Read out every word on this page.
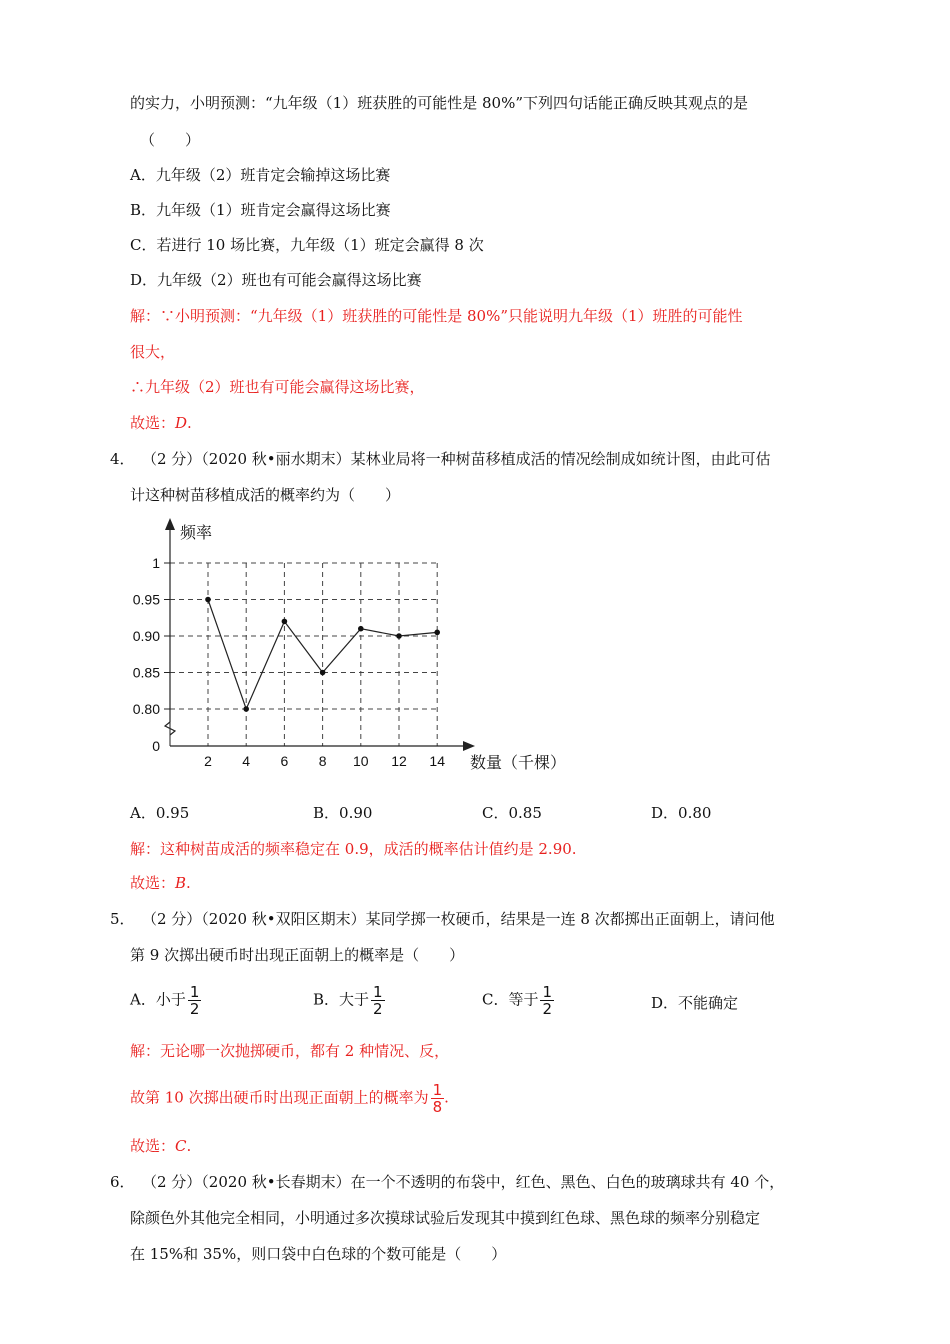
的实力，小明预测：“九年级（1）班获胜的可能性是 80%”下列四句话能正确反映其观点的是
（　　）
A．九年级（2）班肯定会输掉这场比赛
B．九年级（1）班肯定会赢得这场比赛
C．若进行 10 场比赛，九年级（1）班定会赢得 8 次
D．九年级（2）班也有可能会赢得这场比赛
解：∵小明预测：“九年级（1）班获胜的可能性是 80%”只能说明九年级（1）班胜的可能性
很大，
∴九年级（2）班也有可能会赢得这场比赛，
故选：D.
4． （2 分）（2020 秋•丽水期末）某林业局将一种树苗移植成活的情况绘制成如统计图，由此可估
计这种树苗移植成活的概率约为（　　）
0.80
0.85
0.90
0.95
1
2 4 6 8 10 12 14
0
频率
数量（千棵）
A．0.95	B．0.90	C．0.85	D．0.80
解：这种树苗成活的频率稳定在 0.9，成活的概率估计值约是 2.90.
故选：B.
5． （2 分）（2020 秋•双阳区期末）某同学掷一枚硬币，结果是一连 8 次都掷出正面朝上，请问他
第 9 次掷出硬币时出现正面朝上的概率是（　　）
A．小于 $\frac{1}{2}$	B．大于 $\frac{1}{2}$	C．等于 $\frac{1}{2}$	D．不能确定
解：无论哪一次抛掷硬币，都有 2 种情况、反，
故第 10 次掷出硬币时出现正面朝上的概率为 $\frac{1}{8}$ .
故选：C.
6． （2 分）（2020 秋•长春期末）在一个不透明的布袋中，红色、黑色、白色的玻璃球共有 40 个，
除颜色外其他完全相同，小明通过多次摸球试验后发现其中摸到红色球、黑色球的频率分别稳定
在 15%和 35%，则口袋中白色球的个数可能是（　　）
